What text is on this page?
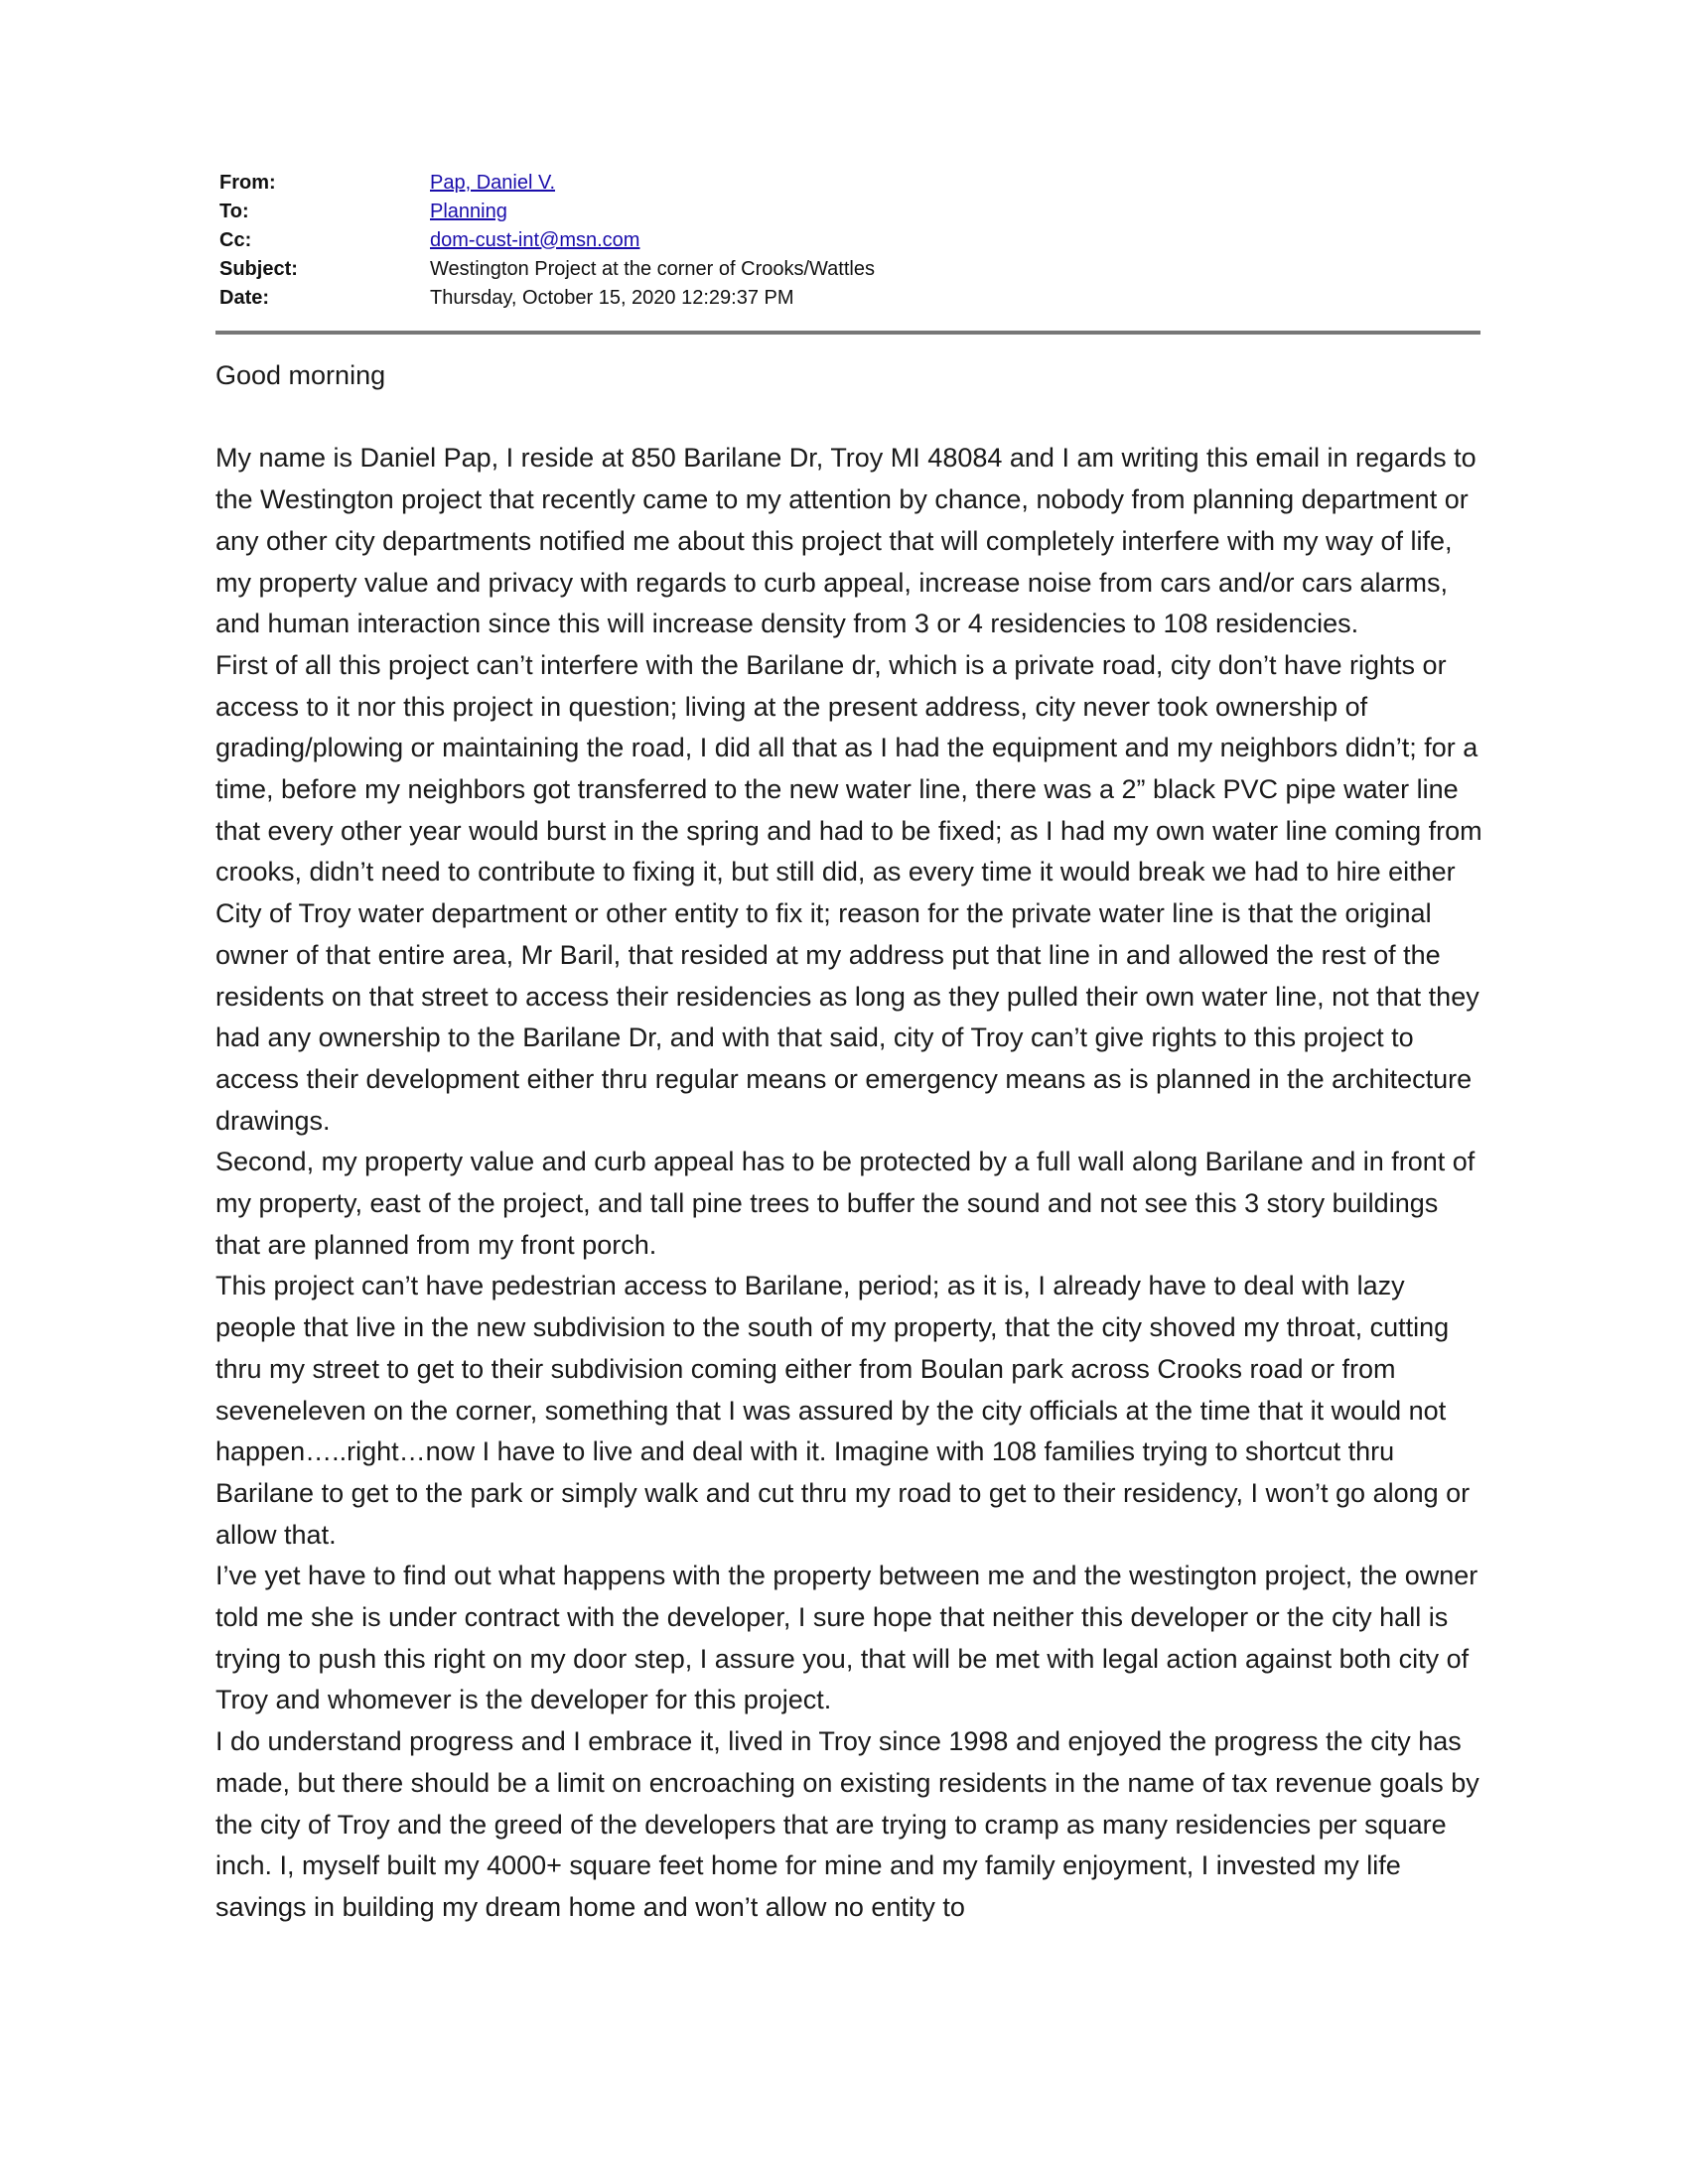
From:	Pap, Daniel V.
To:	Planning
Cc:	dom-cust-int@msn.com
Subject:	Westington Project at the corner of Crooks/Wattles
Date:	Thursday, October 15, 2020 12:29:37 PM

Good morning

My name is Daniel Pap, I reside at 850 Barilane Dr, Troy MI 48084 and I am writing this email in regards to the Westington project that recently came to my attention by chance, nobody from planning department or any other city departments notified me about this project that will completely interfere with my way of life, my property value and privacy with regards to curb appeal, increase noise from cars and/or cars alarms, and human interaction since this will increase density from 3 or 4 residencies to 108 residencies.

First of all this project can’t interfere with the Barilane dr, which is a private road, city don’t have rights or access to it nor this project in question; living at the present address, city never took ownership of grading/plowing or maintaining the road, I did all that as I had the equipment and my neighbors didn’t; for a time, before my neighbors got transferred to the new water line, there was a 2” black PVC pipe water line that every other year would burst in the spring and had to be fixed; as I had my own water line coming from crooks, didn’t need to contribute to fixing it, but still did, as every time it would break we had to hire either City of Troy water department or other entity to fix it; reason for the private water line is that the original owner of that entire area, Mr Baril, that resided at my address put that line in and allowed the rest of the residents on that street to access their residencies as long as they pulled their own water line, not that they had any ownership to the Barilane Dr, and with that said, city of Troy can’t give rights to this project to access their development either thru regular means or emergency means as is planned in the architecture drawings.

Second, my property value and curb appeal has to be protected by a full wall along Barilane and in front of my property, east of the project, and tall pine trees to buffer the sound and not see this 3 story buildings that are planned from my front porch.

This project can’t have pedestrian access to Barilane, period; as it is, I already have to deal with lazy people that live in the new subdivision to the south of my property, that the city shoved my throat, cutting thru my street to get to their subdivision coming either from Boulan park across Crooks road or from seveneleven on the corner, something that I was assured by the city officials at the time that it would not happen…..right…now I have to live and deal with it. Imagine with 108 families trying to shortcut thru Barilane to get to the park or simply walk and cut thru my road to get to their residency, I won’t go along or allow that.

I’ve yet have to find out what happens with the property between me and the westington project, the owner told me she is under contract with the developer, I sure hope that neither this developer or the city hall is trying to push this right on my door step, I assure you, that will be met with legal action against both city of Troy and whomever is the developer for this project.

I do understand progress and I embrace it, lived in Troy since 1998 and enjoyed the progress the city has made, but there should be a limit on encroaching on existing residents in the name of tax revenue goals by the city of Troy and the greed of the developers that are trying to cramp as many residencies per square inch. I, myself built my 4000+ square feet home for mine and my family enjoyment, I invested my life savings in building my dream home and won’t allow no entity to
